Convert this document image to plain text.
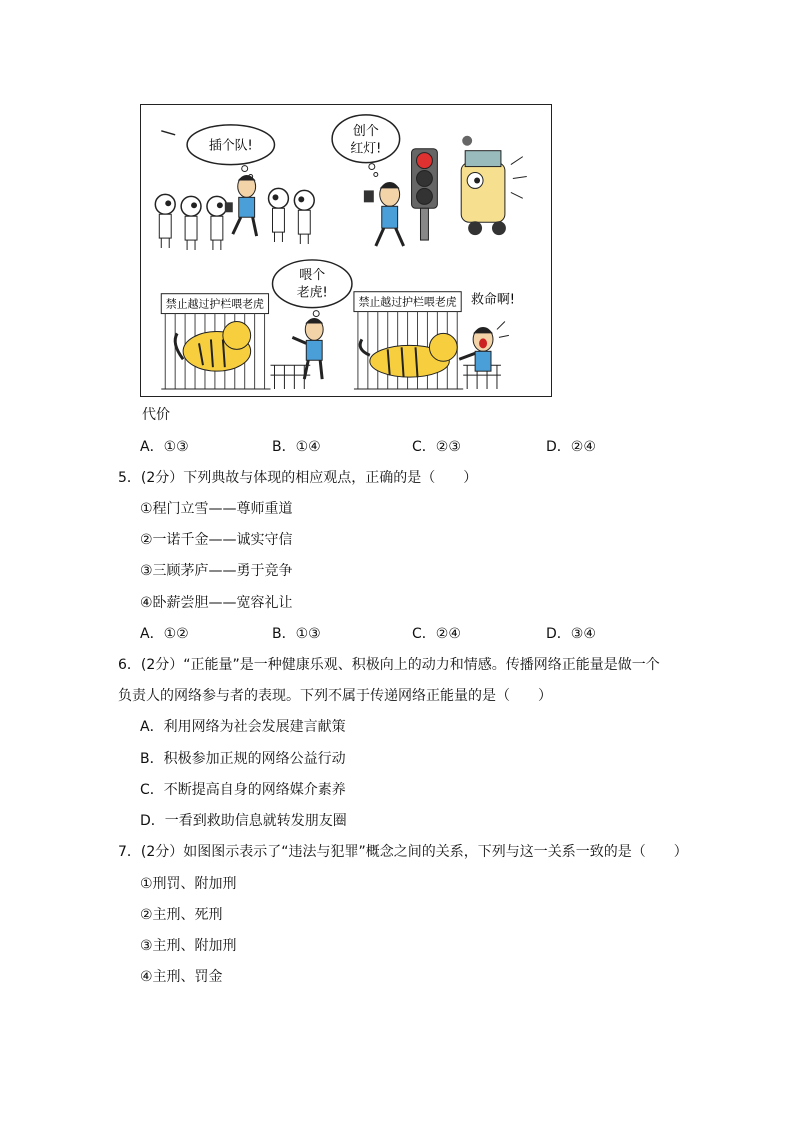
插个队!
创个
红灯!
喂个
老虎!
禁止越过护栏喂老虎	禁止越过护栏喂老虎 救命啊!
代价
A．①③	B．①④	C．②③	D．②④
5．(2分）下列典故与体现的相应观点，正确的是（　　）
①程门立雪——尊师重道
②一诺千金——诚实守信
③三顾茅庐——勇于竞争
④卧薪尝胆——宽容礼让
A．①②	B．①③	C．②④	D．③④
6．(2分）“正能量”是一种健康乐观、积极向上的动力和情感。传播网络正能量是做一个
负责人的网络参与者的表现。下列不属于传递网络正能量的是（　　）
A．利用网络为社会发展建言献策
B．积极参加正规的网络公益行动
C．不断提高自身的网络媒介素养
D．一看到救助信息就转发朋友圈
7．(2分）如图图示表示了“违法与犯罪”概念之间的关系，下列与这一关系一致的是（　　）
①刑罚、附加刑
②主刑、死刑
③主刑、附加刑
④主刑、罚金
